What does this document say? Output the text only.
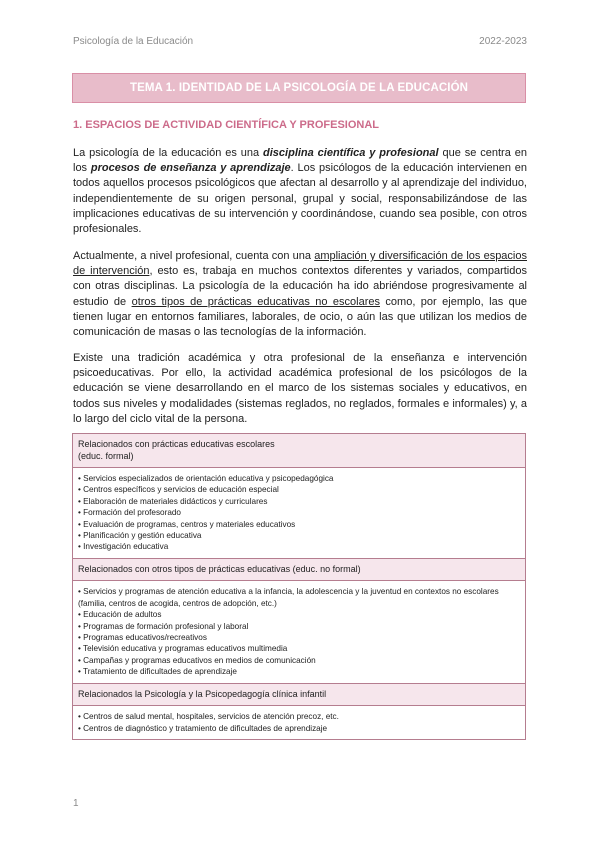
Psicología de la Educación	2022-2023
TEMA 1. IDENTIDAD DE LA PSICOLOGÍA DE LA EDUCACIÓN
1. ESPACIOS DE ACTIVIDAD CIENTÍFICA Y PROFESIONAL
La psicología de la educación es una disciplina científica y profesional que se centra en los procesos de enseñanza y aprendizaje. Los psicólogos de la educación intervienen en todos aquellos procesos psicológicos que afectan al desarrollo y al aprendizaje del individuo, independientemente de su origen personal, grupal y social, responsabilizándose de las implicaciones educativas de su intervención y coordinándose, cuando sea posible, con otros profesionales.
Actualmente, a nivel profesional, cuenta con una ampliación y diversificación de los espacios de intervención, esto es, trabaja en muchos contextos diferentes y variados, compartidos con otras disciplinas. La psicología de la educación ha ido abriéndose progresivamente al estudio de otros tipos de prácticas educativas no escolares como, por ejemplo, las que tienen lugar en entornos familiares, laborales, de ocio, o aún las que utilizan los medios de comunicación de masas o las tecnologías de la información.
Existe una tradición académica y otra profesional de la enseñanza e intervención psicoeducativas. Por ello, la actividad académica profesional de los psicólogos de la educación se viene desarrollando en el marco de los sistemas sociales y educativos, en todos sus niveles y modalidades (sistemas reglados, no reglados, formales e informales) y, a lo largo del ciclo vital de la persona.
Relacionados con prácticas educativas escolares
(educ. formal)
• Servicios especializados de orientación educativa y psicopedagógica
• Centros específicos y servicios de educación especial
• Elaboración de materiales didácticos y curriculares
• Formación del profesorado
• Evaluación de programas, centros y materiales educativos
• Planificación y gestión educativa
• Investigación educativa
Relacionados con otros tipos de prácticas educativas (educ. no formal)
• Servicios y programas de atención educativa a la infancia, la adolescencia y la juventud en contextos no escolares (familia, centros de acogida, centros de adopción, etc.)
• Educación de adultos
• Programas de formación profesional y laboral
• Programas educativos/recreativos
• Televisión educativa y programas educativos multimedia
• Campañas y programas educativos en medios de comunicación
• Tratamiento de dificultades de aprendizaje
Relacionados la Psicología y la Psicopedagogía clínica infantil
• Centros de salud mental, hospitales, servicios de atención precoz, etc.
• Centros de diagnóstico y tratamiento de dificultades de aprendizaje
1
